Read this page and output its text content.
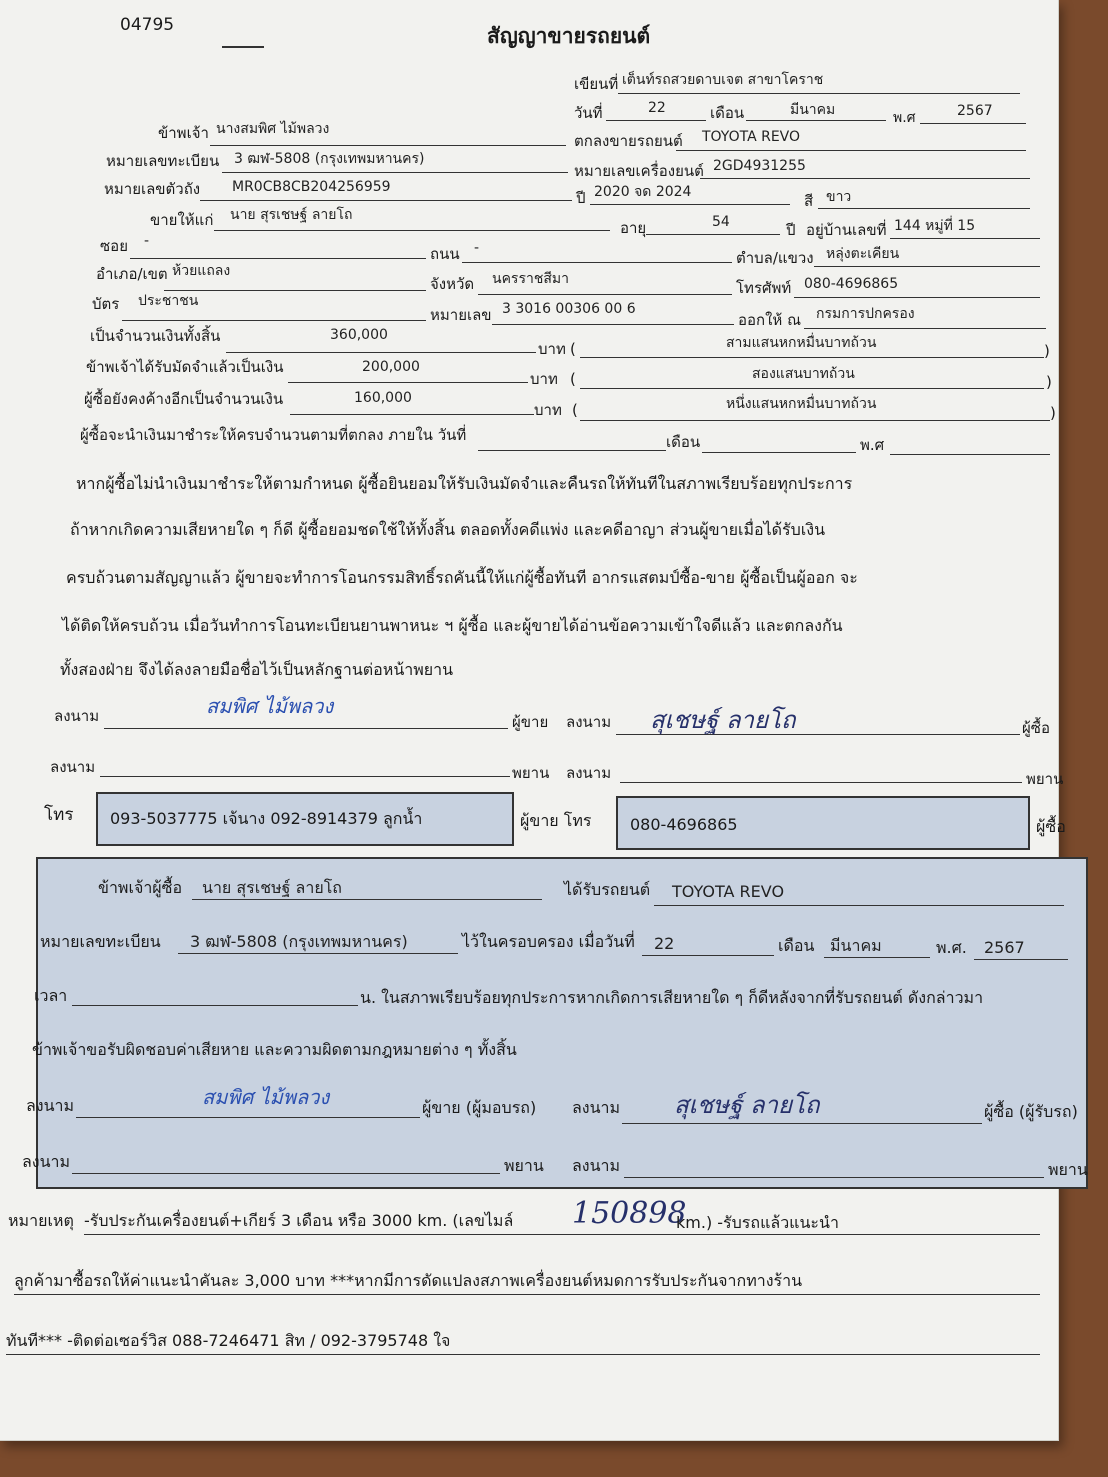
04795	สัญญาขายรถยนต์
เขียนที่ เต็นท์รถสวยดาบเจต สาขาโคราช
วันที่	22	เดือน	มีนาคม	พ.ศ	2567
ข้าพเจ้า นางสมพิศ ไม้พลวง
ตกลงขายรถยนต์ TOYOTA REVO
หมายเลขทะเบียน 3 ฒฬ-5808 (กรุงเทพมหานคร)
หมายเลขเครื่องยนต์ 2GD4931255
หมายเลขตัวถัง MR0CB8CB204256959
ปี 2020 จด 2024	สี ขาว
ขายให้แก่ นาย สุรเชษฐ์ ลายโถ
อายุ	54	ปี อยู่บ้านเลขที่ 144 หมู่ที่ 15
ซอย -
ถนน -
ตำบล/แขวง หลุ่งตะเคียน
อำเภอ/เขต ห้วยแถลง
จังหวัด นครราชสีมา	โทรศัพท์ 080-4696865
บัตร ประชาชน
หมายเลข 3 3016 00306 00 6
ออกให้ ณ กรมการปกครอง
เป็นจำนวนเงินทั้งสิ้น	360,000
บาท (	สามแสนหกหมื่นบาทถ้วน	)
ข้าพเจ้าได้รับมัดจำแล้วเป็นเงิน	200,000
บาท (	สองแสนบาทถ้วน	)
ผู้ซื้อยังคงค้างอีกเป็นจำนวนเงิน	160,000
บาท (	หนึ่งแสนหกหมื่นบาทถ้วน	)
ผู้ซื้อจะนำเงินมาชำระให้ครบจำนวนตามที่ตกลง ภายใน วันที่	เดือน	พ.ศ
หากผู้ซื้อไม่นำเงินมาชำระให้ตามกำหนด ผู้ซื้อยินยอมให้รับเงินมัดจำและคืนรถให้ทันทีในสภาพเรียบร้อยทุกประการ
ถ้าหากเกิดความเสียหายใด ๆ ก็ดี ผู้ซื้อยอมชดใช้ให้ทั้งสิ้น ตลอดทั้งคดีแพ่ง และคดีอาญา ส่วนผู้ขายเมื่อได้รับเงิน
ครบถ้วนตามสัญญาแล้ว ผู้ขายจะทำการโอนกรรมสิทธิ์รถคันนี้ให้แก่ผู้ซื้อทันที อากรแสตมป์ซื้อ-ขาย ผู้ซื้อเป็นผู้ออก จะ
ได้ติดให้ครบถ้วน เมื่อวันทำการโอนทะเบียนยานพาหนะ ฯ ผู้ซื้อ และผู้ขายได้อ่านข้อความเข้าใจดีแล้ว และตกลงกัน
ทั้งสองฝ่าย จึงได้ลงลายมือชื่อไว้เป็นหลักฐานต่อหน้าพยาน
ลงนาม	สมพิศ ไม้พลวง
ผู้ขาย ลงนาม สุเชษฐ์ ลายโถ	ผู้ซื้อ
ลงนาม	พยาน ลงนาม	พยาน
โทร 093-5037775 เจ้นาง 092-8914379 ลูกน้ำ	ผู้ขาย โทร 080-4696865	ผู้ซื้อ
หมายเหตุ -รับประกันเครื่องยนต์+เกียร์ 3 เดือน หรือ 3000 km. (เลขไมล์ 150898
km.) -รับรถแล้วแนะนำ
ลูกค้ามาซื้อรถให้ค่าแนะนำคันละ 3,000 บาท ***หากมีการดัดแปลงสภาพเครื่องยนต์หมดการรับประกันจากทางร้าน
ทันที*** -ติดต่อเซอร์วิส 088-7246471 สิท / 092-3795748 ใจ
ข้าพเจ้าผู้ซื้อ นาย สุรเชษฐ์ ลายโถ	ได้รับรถยนต์ TOYOTA REVO
หมายเลขทะเบียน 3 ฒฬ-5808 (กรุงเทพมหานคร)	ไว้ในครอบครอง เมื่อวันที่ 22	เดือน มีนาคม	พ.ศ. 2567
เวลา	น. ในสภาพเรียบร้อยทุกประการหากเกิดการเสียหายใด ๆ ก็ดีหลังจากที่รับรถยนต์ ดังกล่าวมา
ข้าพเจ้าขอรับผิดชอบค่าเสียหาย และความผิดตามกฎหมายต่าง ๆ ทั้งสิ้น
ลงนาม	สมพิศ ไม้พลวง	ผู้ขาย (ผู้มอบรถ) ลงนาม สุเชษฐ์ ลายโถ	ผู้ซื้อ (ผู้รับรถ)
ลงนาม	พยาน ลงนาม	พยาน
